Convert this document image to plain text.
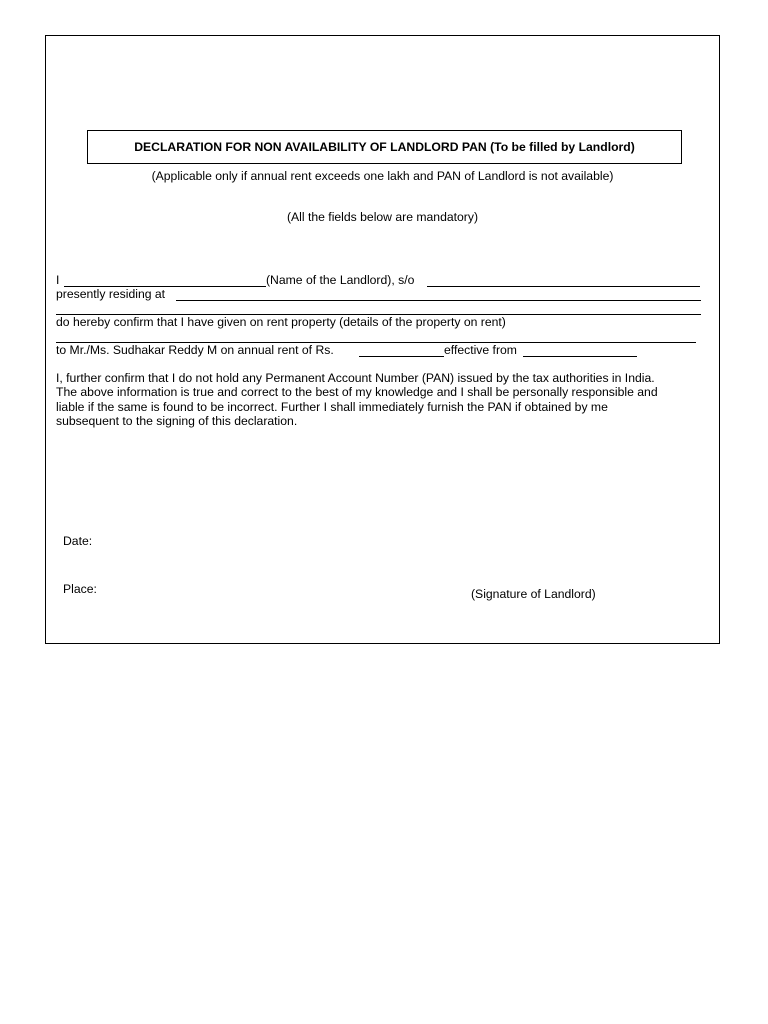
DECLARATION FOR NON AVAILABILITY OF LANDLORD PAN (To be filled by Landlord)
(Applicable only if annual rent exceeds one lakh and PAN of Landlord is not available)
(All the fields below are mandatory)
I	(Name of the Landlord), s/o
presently residing at
do hereby confirm that I have given on rent property (details of the property on rent)
to Mr./Ms. Sudhakar Reddy M on annual rent of Rs.	effective from
I, further confirm that I do not hold any Permanent Account Number (PAN) issued by the tax authorities in India.
The above information is true and correct to the best of my knowledge and I shall be personally responsible and
liable if the same is found to be incorrect. Further I shall immediately furnish the PAN if obtained by me
subsequent to the signing of this declaration.
Date:
Place:	(Signature of Landlord)
